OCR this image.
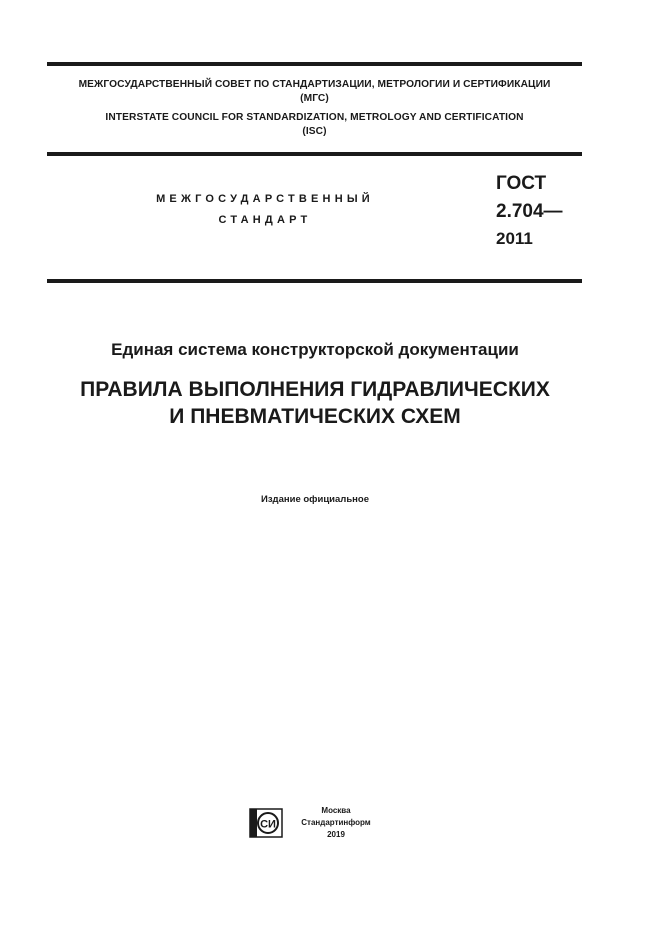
МЕЖГОСУДАРСТВЕННЫЙ СОВЕТ ПО СТАНДАРТИЗАЦИИ, МЕТРОЛОГИИ И СЕРТИФИКАЦИИ
(МГС)
INTERSTATE COUNCIL FOR STANDARDIZATION, METROLOGY AND CERTIFICATION
(ISC)
МЕЖГОСУДАРСТВЕННЫЙ
СТАНДАРТ
ГОСТ
2.704—
2011
Единая система конструкторской документации
ПРАВИЛА ВЫПОЛНЕНИЯ ГИДРАВЛИЧЕСКИХ
И ПНЕВМАТИЧЕСКИХ СХЕМ
Издание официальное
СИ
Москва
Стандартинформ
2019
